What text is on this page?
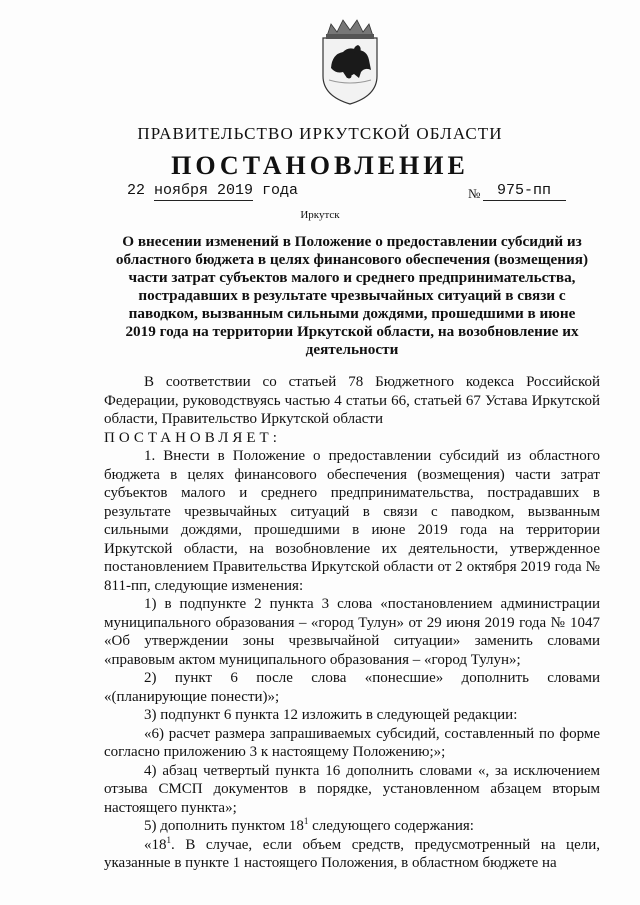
ПРАВИТЕЛЬСТВО ИРКУТСКОЙ ОБЛАСТИ
ПОСТАНОВЛЕНИЕ
22 ноября 2019 года	№ 975-пп
Иркутск
О внесении изменений в Положение о предоставлении субсидий из областного бюджета в целях финансового обеспечения (возмещения) части затрат субъектов малого и среднего предпринимательства, пострадавших в результате чрезвычайных ситуаций в связи с паводком, вызванным сильными дождями, прошедшими в июне 2019 года на территории Иркутской области, на возобновление их деятельности

В соответствии со статьей 78 Бюджетного кодекса Российской Федерации, руководствуясь частью 4 статьи 66, статьей 67 Устава Иркутской области, Правительство Иркутской области

ПОСТАНОВЛЯЕТ:

1. Внести в Положение о предоставлении субсидий из областного бюджета в целях финансового обеспечения (возмещения) части затрат субъектов малого и среднего предпринимательства, пострадавших в результате чрезвычайных ситуаций в связи с паводком, вызванным сильными дождями, прошедшими в июне 2019 года на территории Иркутской области, на возобновление их деятельности, утвержденное постановлением Правительства Иркутской области от 2 октября 2019 года № 811-пп, следующие изменения:

1) в подпункте 2 пункта 3 слова «постановлением администрации муниципального образования – «город Тулун» от 29 июня 2019 года № 1047 «Об утверждении зоны чрезвычайной ситуации» заменить словами «правовым актом муниципального образования – «город Тулун»;

2) пункт 6 после слова «понесшие» дополнить словами «(планирующие понести)»;

3) подпункт 6 пункта 12 изложить в следующей редакции:

«6) расчет размера запрашиваемых субсидий, составленный по форме согласно приложению 3 к настоящему Положению;»;

4) абзац четвертый пункта 16 дополнить словами «, за исключением отзыва СМСП документов в порядке, установленном абзацем вторым настоящего пункта»;

5) дополнить пунктом $18^1$ следующего содержания:

«$18^1$. В случае, если объем средств, предусмотренный на цели, указанные в пункте 1 настоящего Положения, в областном бюджете на
